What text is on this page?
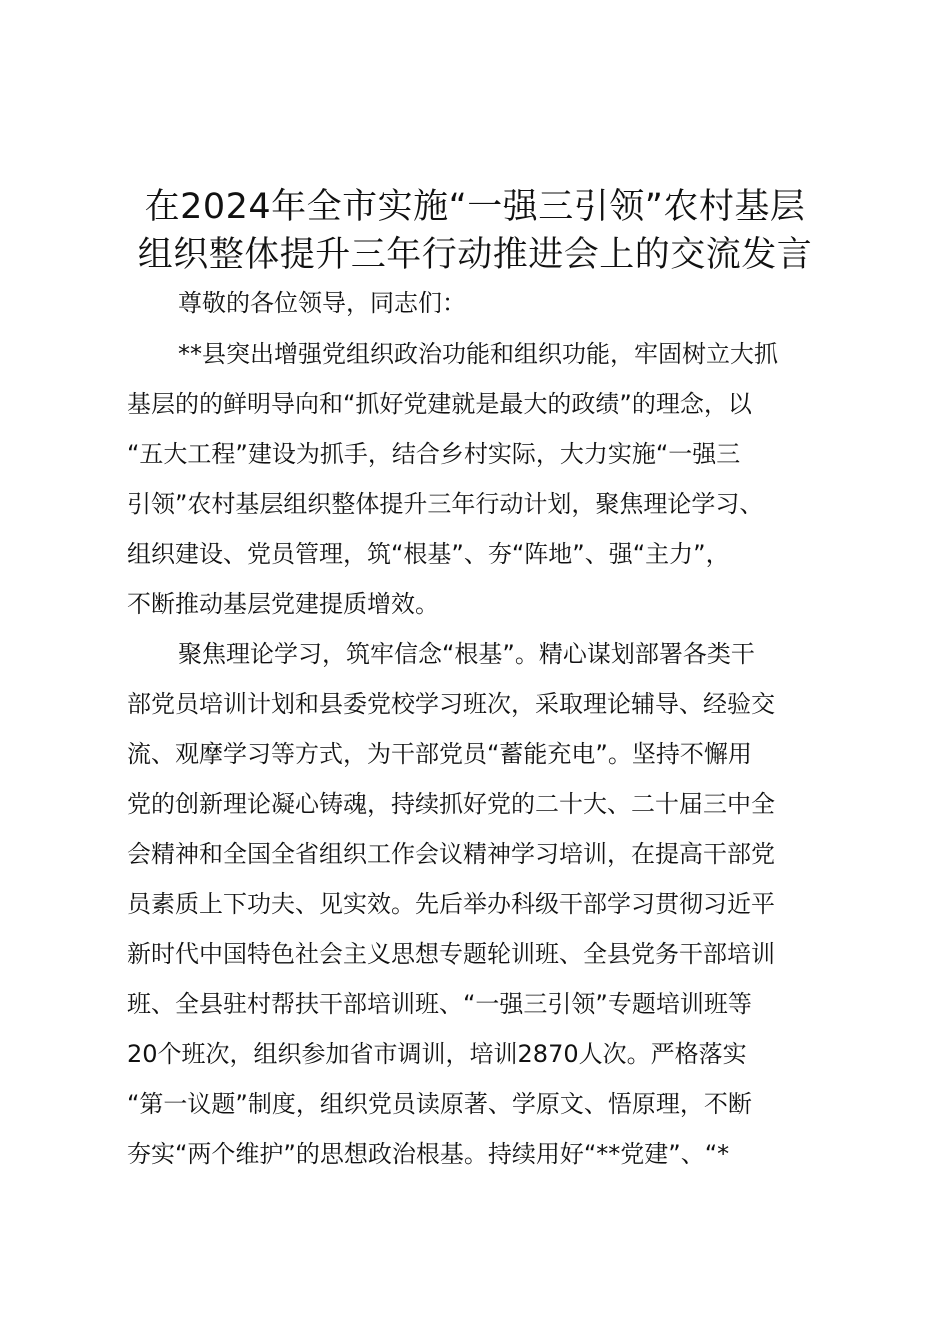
在2024年全市实施“一强三引领”农村基层
组织整体提升三年行动推进会上的交流发言
尊敬的各位领导，同志们：
**县突出增强党组织政治功能和组织功能，牢固树立大抓
基层的的鲜明导向和“抓好党建就是最大的政绩”的理念，以
“五大工程”建设为抓手，结合乡村实际，大力实施“一强三
引领”农村基层组织整体提升三年行动计划，聚焦理论学习、
组织建设、党员管理，筑“根基”、夯“阵地”、强“主力”，
不断推动基层党建提质增效。
聚焦理论学习，筑牢信念“根基”。精心谋划部署各类干
部党员培训计划和县委党校学习班次，采取理论辅导、经验交
流、观摩学习等方式，为干部党员“蓄能充电”。坚持不懈用
党的创新理论凝心铸魂，持续抓好党的二十大、二十届三中全
会精神和全国全省组织工作会议精神学习培训，在提高干部党
员素质上下功夫、见实效。先后举办科级干部学习贯彻习近平
新时代中国特色社会主义思想专题轮训班、全县党务干部培训
班、全县驻村帮扶干部培训班、“一强三引领”专题培训班等
20个班次，组织参加省市调训，培训2870人次。严格落实
“第一议题”制度，组织党员读原著、学原文、悟原理，不断
夯实“两个维护”的思想政治根基。持续用好“**党建”、“*
